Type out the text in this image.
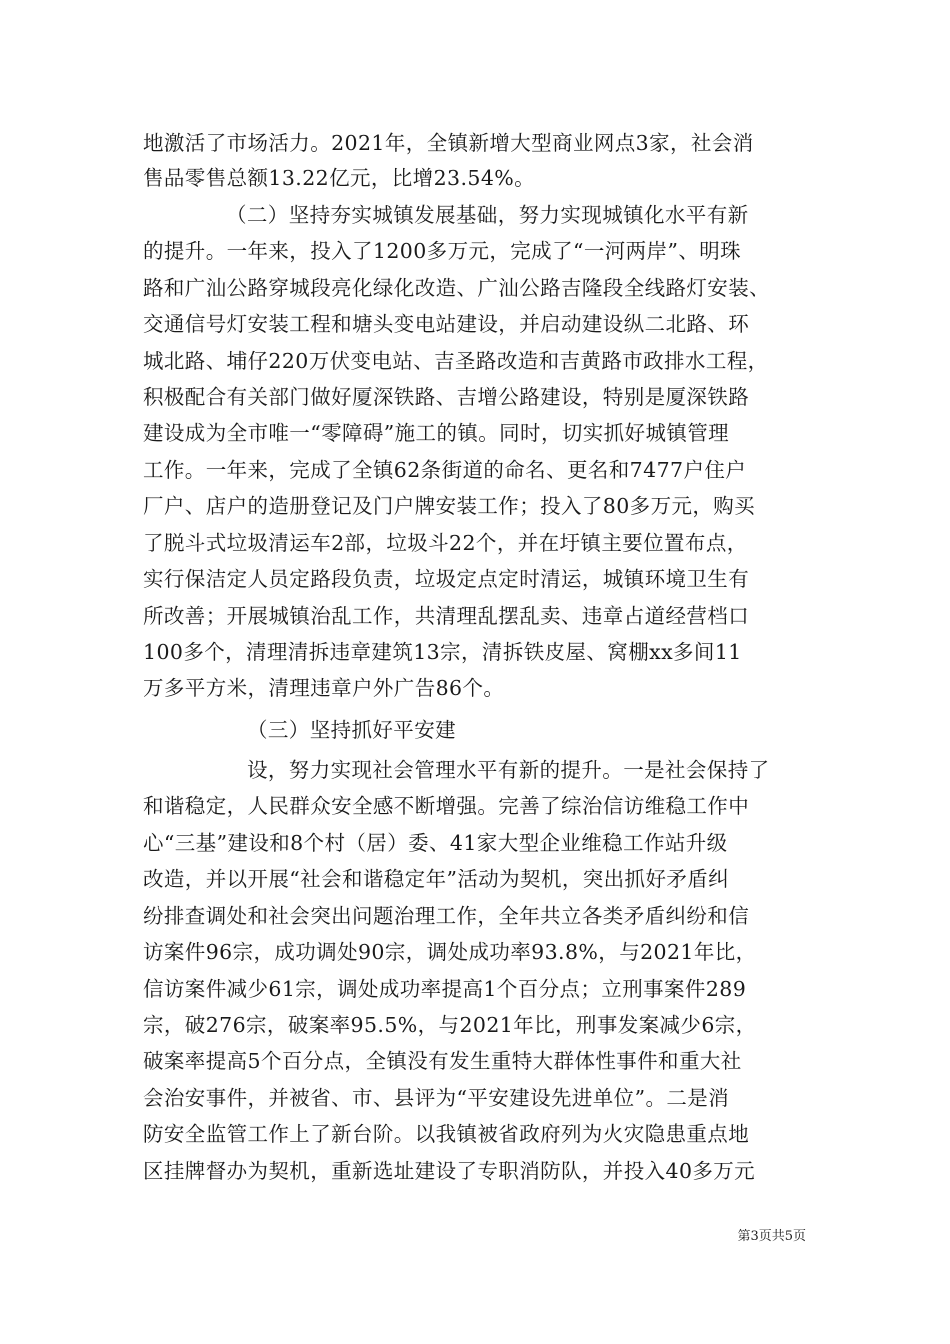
地激活了市场活力。2021年，全镇新增大型商业网点3家，社会消
售品零售总额13.22亿元，比增23.54%。
（二）坚持夯实城镇发展基础，努力实现城镇化水平有新
的提升。一年来，投入了1200多万元，完成了“一河两岸”、明珠
路和广汕公路穿城段亮化绿化改造、广汕公路吉隆段全线路灯安装、
交通信号灯安装工程和塘头变电站建设，并启动建设纵二北路、环
城北路、埔仔220万伏变电站、吉圣路改造和吉黄路市政排水工程，
积极配合有关部门做好厦深铁路、吉增公路建设，特别是厦深铁路
建设成为全市唯一“零障碍”施工的镇。同时，切实抓好城镇管理
工作。一年来，完成了全镇62条街道的命名、更名和7477户住户
厂户、店户的造册登记及门户牌安装工作；投入了80多万元，购买
了脱斗式垃圾清运车2部，垃圾斗22个，并在圩镇主要位置布点，
实行保洁定人员定路段负责，垃圾定点定时清运，城镇环境卫生有
所改善；开展城镇治乱工作，共清理乱摆乱卖、违章占道经营档口
100多个，清理清拆违章建筑13宗，清拆铁皮屋、窝棚xx多间11
万多平方米，清理违章户外广告86个。
（三）坚持抓好平安建
设，努力实现社会管理水平有新的提升。一是社会保持了
和谐稳定，人民群众安全感不断增强。完善了综治信访维稳工作中
心“三基”建设和8个村（居）委、41家大型企业维稳工作站升级
改造，并以开展“社会和谐稳定年”活动为契机，突出抓好矛盾纠
纷排查调处和社会突出问题治理工作，全年共立各类矛盾纠纷和信
访案件96宗，成功调处90宗，调处成功率93.8%，与2021年比，
信访案件减少61宗，调处成功率提高1个百分点；立刑事案件289
宗，破276宗，破案率95.5%，与2021年比，刑事发案减少6宗，
破案率提高5个百分点，全镇没有发生重特大群体性事件和重大社
会治安事件，并被省、市、县评为“平安建设先进单位”。二是消
防安全监管工作上了新台阶。以我镇被省政府列为火灾隐患重点地
区挂牌督办为契机，重新选址建设了专职消防队，并投入40多万元
第3页共5页
